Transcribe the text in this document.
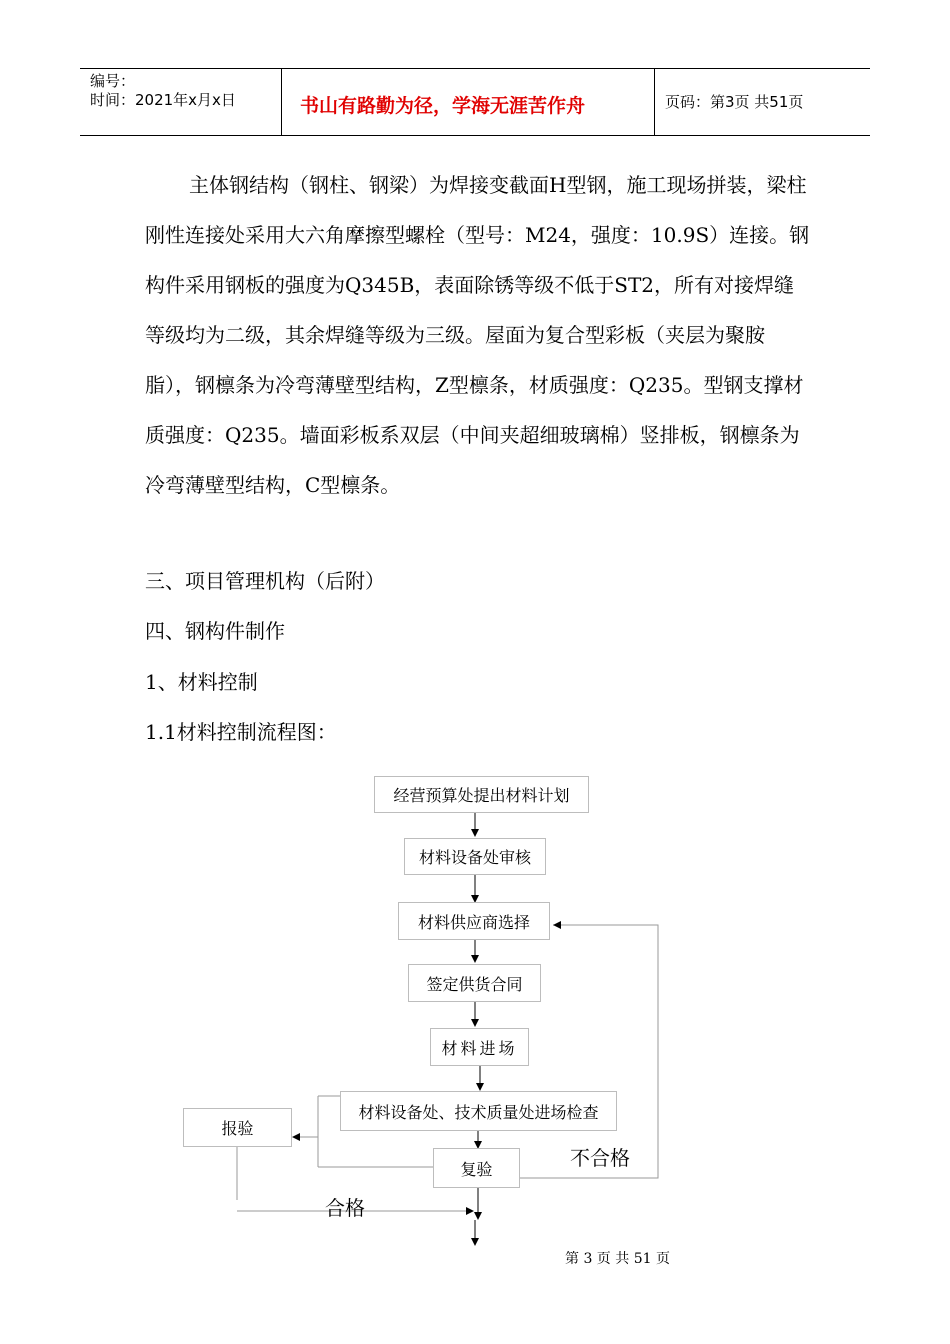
编号：
时间：2021年x月x日	书山有路勤为径，学海无涯苦作舟	页码：第3页 共51页
主体钢结构（钢柱、钢梁）为焊接变截面H型钢，施工现场拼装，梁柱刚性连接处采用大六角摩擦型螺栓（型号：M24，强度：10.9S）连接。钢构件采用钢板的强度为Q345B，表面除锈等级不低于ST2，所有对接焊缝等级均为二级，其余焊缝等级为三级。屋面为复合型彩板（夹层为聚胺脂），钢檩条为冷弯薄壁型结构，Z型檩条，材质强度：Q235。型钢支撑材质强度：Q235。墙面彩板系双层（中间夹超细玻璃棉）竖排板，钢檩条为冷弯薄壁型结构，C型檩条。
三、项目管理机构（后附）
四、钢构件制作
1、材料控制
1.1材料控制流程图：
经营预算处提出材料计划
材料设备处审核
材料供应商选择
签定供货合同
材料进场
材料设备处、技术质量处进场检查
报验
复验	不合格
合格
第 3 页 共 51 页
